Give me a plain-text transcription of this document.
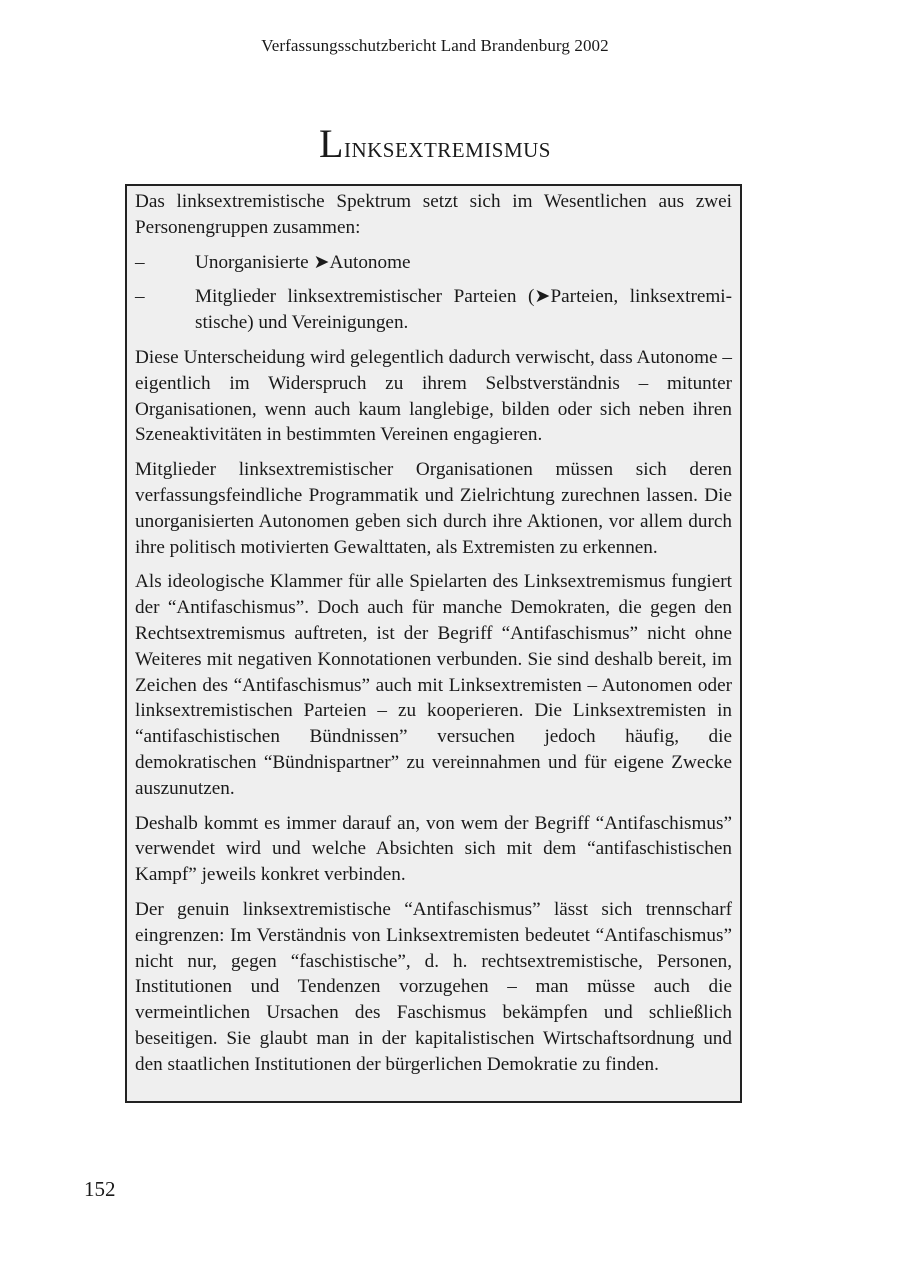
Verfassungsschutzbericht Land Brandenburg 2002
Linksextremismus

Das linksextremistische Spektrum setzt sich im Wesentlichen aus zwei Personengruppen zusammen:

–	Unorganisierte ➤Autonome
–	Mitglieder linksextremistischer Parteien (➤Parteien, linksextremi-stische) und Vereinigungen.

Diese Unterscheidung wird gelegentlich dadurch verwischt, dass Autonome – eigentlich im Widerspruch zu ihrem Selbstverständnis – mitunter Organisationen, wenn auch kaum langlebige, bilden oder sich neben ihren Szeneaktivitäten in bestimmten Vereinen engagieren.

Mitglieder linksextremistischer Organisationen müssen sich deren verfassungsfeindliche Programmatik und Zielrichtung zurechnen lassen. Die unorganisierten Autonomen geben sich durch ihre Aktionen, vor allem durch ihre politisch motivierten Gewalttaten, als Extremisten zu erkennen.

Als ideologische Klammer für alle Spielarten des Linksextremismus fungiert der “Antifaschismus”. Doch auch für manche Demokraten, die gegen den Rechtsextremismus auftreten, ist der Begriff “Antifaschismus” nicht ohne Weiteres mit negativen Konnotationen verbunden. Sie sind deshalb bereit, im Zeichen des “Antifaschismus” auch mit Linksextremisten – Autonomen oder linksextremistischen Parteien – zu kooperieren. Die Linksextremisten in “antifaschistischen Bündnissen” versuchen jedoch häufig, die demokratischen “Bündnispartner” zu vereinnahmen und für eigene Zwecke auszunutzen.

Deshalb kommt es immer darauf an, von wem der Begriff “Antifaschismus” verwendet wird und welche Absichten sich mit dem “antifaschistischen Kampf” jeweils konkret verbinden.

Der genuin linksextremistische “Antifaschismus” lässt sich trennscharf eingrenzen: Im Verständnis von Linksextremisten bedeutet “Antifaschismus” nicht nur, gegen “faschistische”, d. h. rechtsextremistische, Personen, Institutionen und Tendenzen vorzugehen – man müsse auch die vermeintlichen Ursachen des Faschismus bekämpfen und schließlich beseitigen. Sie glaubt man in der kapitalistischen Wirtschaftsordnung und den staatlichen Institutionen der bürgerlichen Demokratie zu finden.

152
